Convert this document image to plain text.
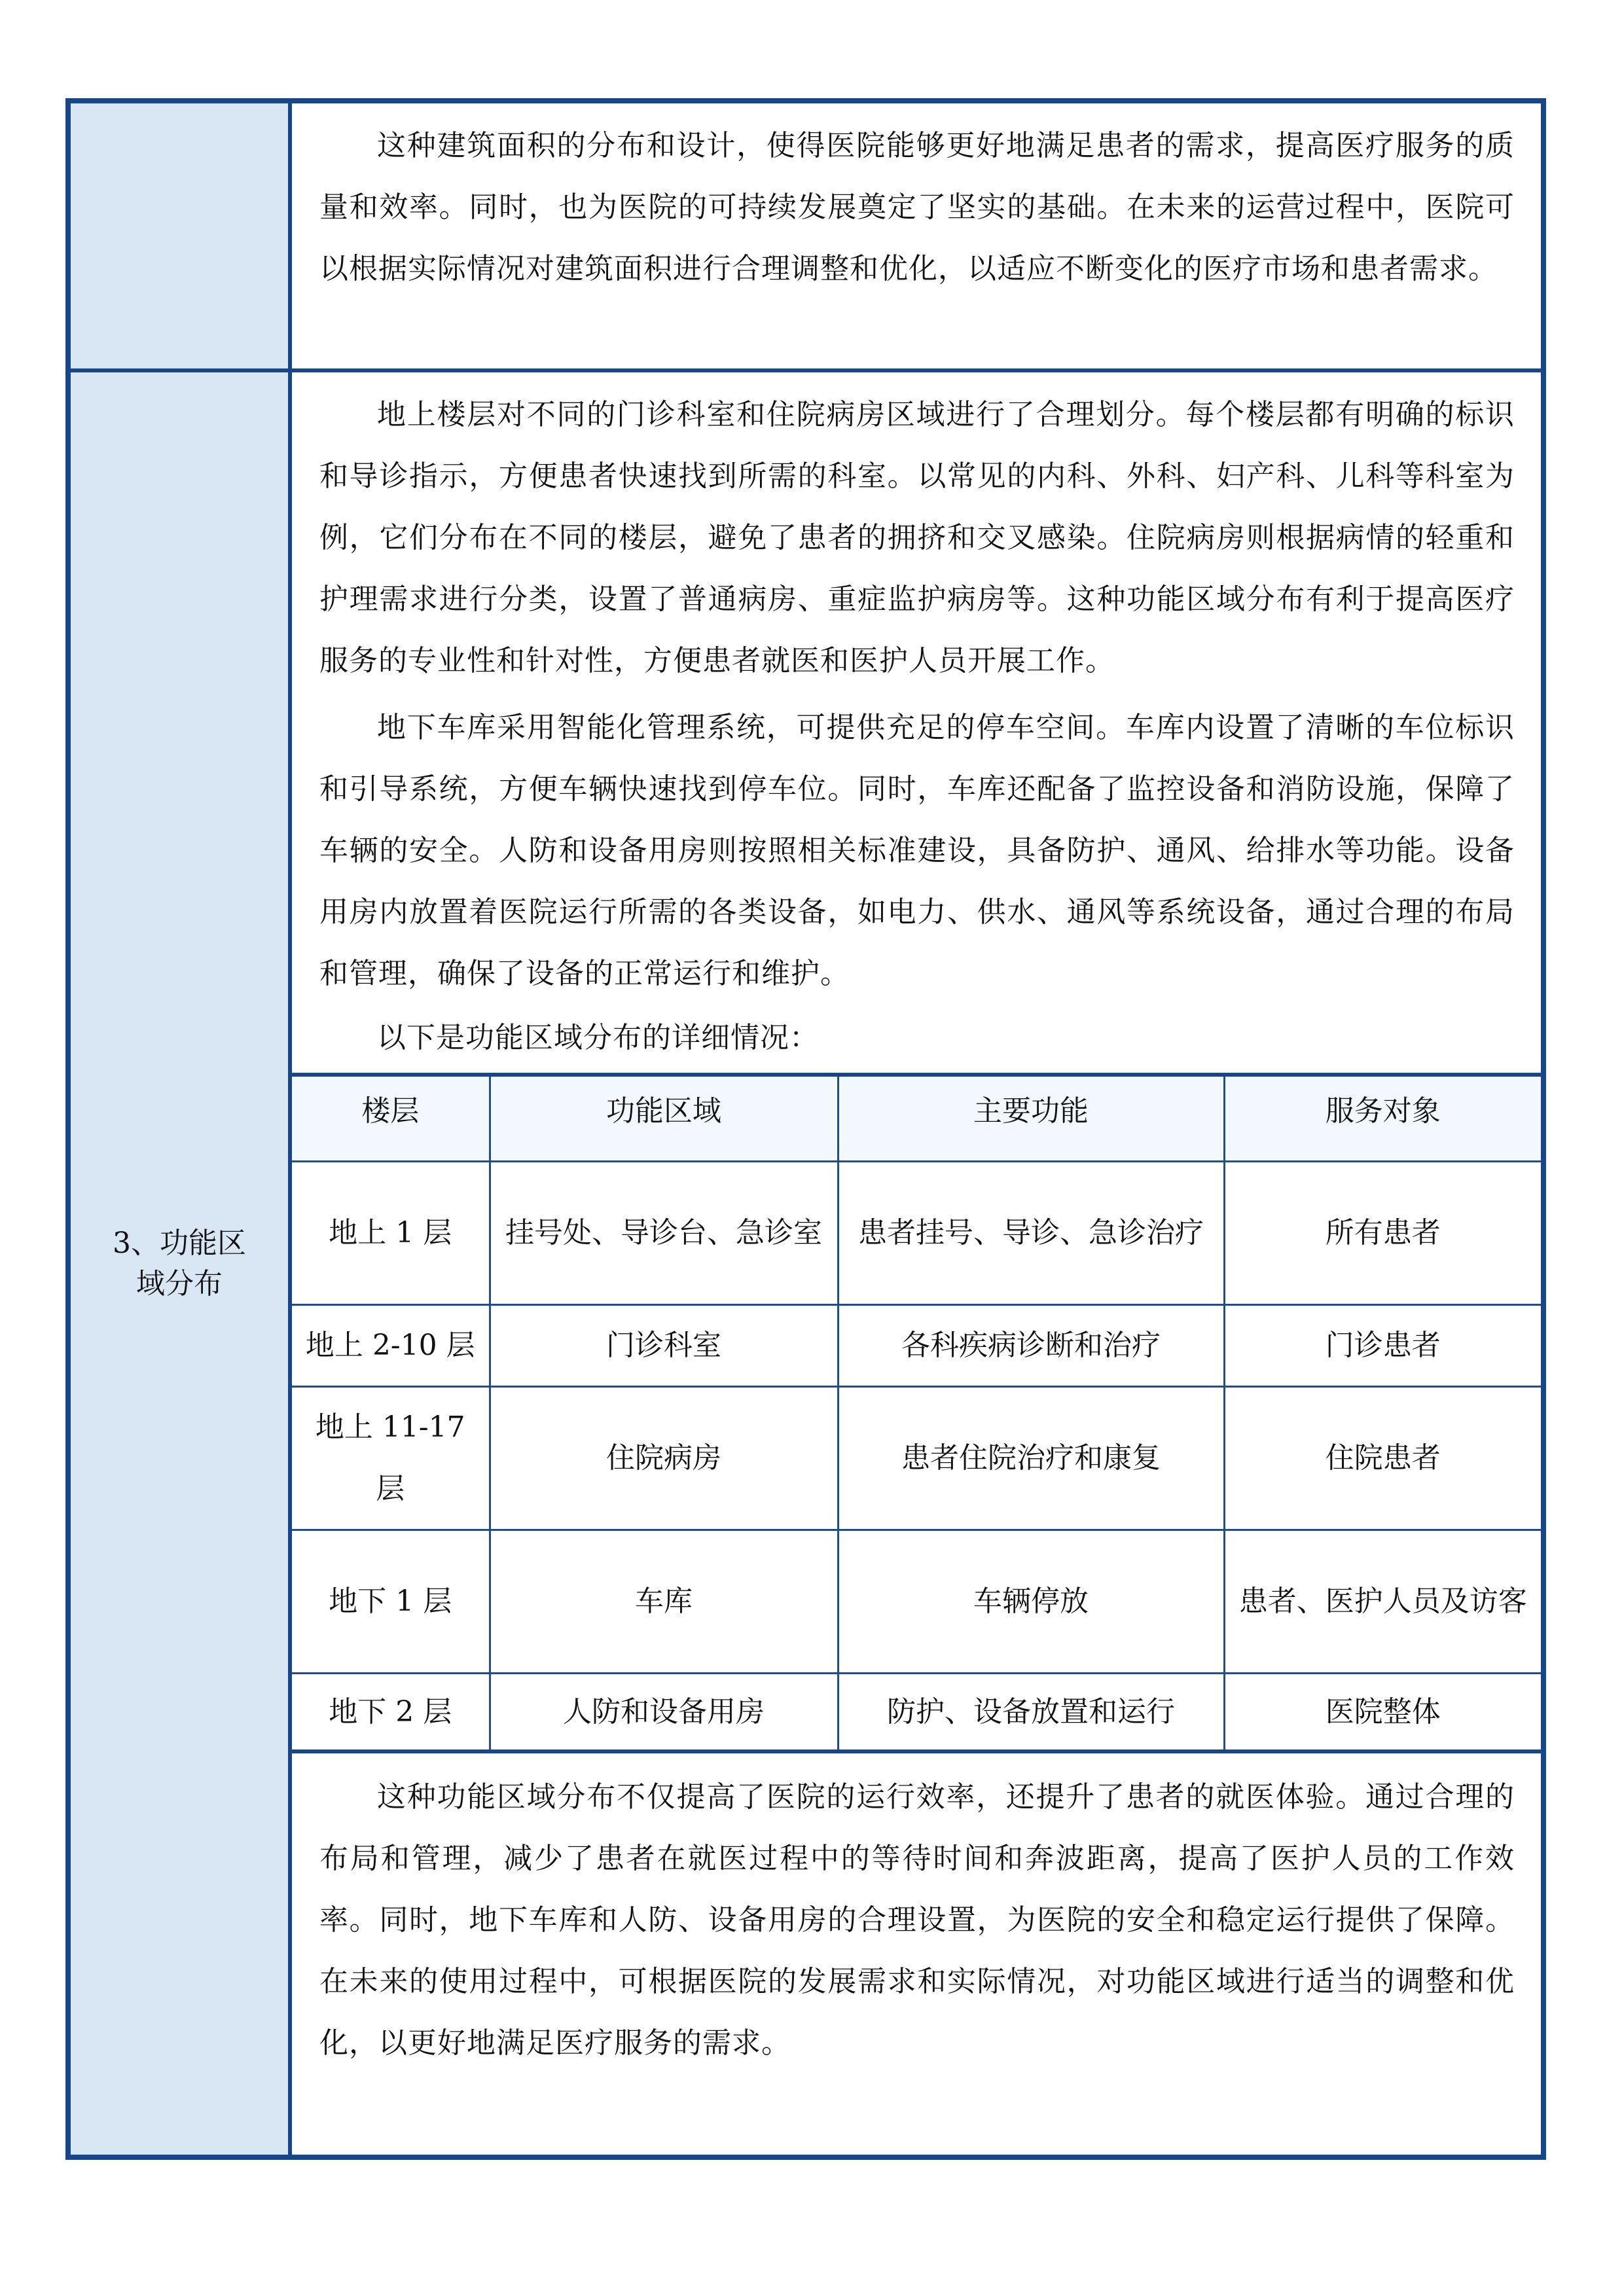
这种建筑面积的分布和设计，使得医院能够更好地满足患者的需求，提高医疗服务的质量和效率。同时，也为医院的可持续发展奠定了坚实的基础。在未来的运营过程中，医院可以根据实际情况对建筑面积进行合理调整和优化，以适应不断变化的医疗市场和患者需求。

3、功能区域分布

地上楼层对不同的门诊科室和住院病房区域进行了合理划分。每个楼层都有明确的标识和导诊指示，方便患者快速找到所需的科室。以常见的内科、外科、妇产科、儿科等科室为例，它们分布在不同的楼层，避免了患者的拥挤和交叉感染。住院病房则根据病情的轻重和护理需求进行分类，设置了普通病房、重症监护病房等。这种功能区域分布有利于提高医疗服务的专业性和针对性，方便患者就医和医护人员开展工作。

地下车库采用智能化管理系统，可提供充足的停车空间。车库内设置了清晰的车位标识和引导系统，方便车辆快速找到停车位。同时，车库还配备了监控设备和消防设施，保障了车辆的安全。人防和设备用房则按照相关标准建设，具备防护、通风、给排水等功能。设备用房内放置着医院运行所需的各类设备，如电力、供水、通风等系统设备，通过合理的布局和管理，确保了设备的正常运行和维护。

以下是功能区域分布的详细情况：

楼层	功能区域	主要功能	服务对象
地上 1 层	挂号处、导诊台、急诊室	患者挂号、导诊、急诊治疗	所有患者
地上 2-10 层	门诊科室	各科疾病诊断和治疗	门诊患者
地上 11-17 层	住院病房	患者住院治疗和康复	住院患者
地下 1 层	车库	车辆停放	患者、医护人员及访客
地下 2 层	人防和设备用房	防护、设备放置和运行	医院整体

这种功能区域分布不仅提高了医院的运行效率，还提升了患者的就医体验。通过合理的布局和管理，减少了患者在就医过程中的等待时间和奔波距离，提高了医护人员的工作效率。同时，地下车库和人防、设备用房的合理设置，为医院的安全和稳定运行提供了保障。在未来的使用过程中，可根据医院的发展需求和实际情况，对功能区域进行适当的调整和优化，以更好地满足医疗服务的需求。
